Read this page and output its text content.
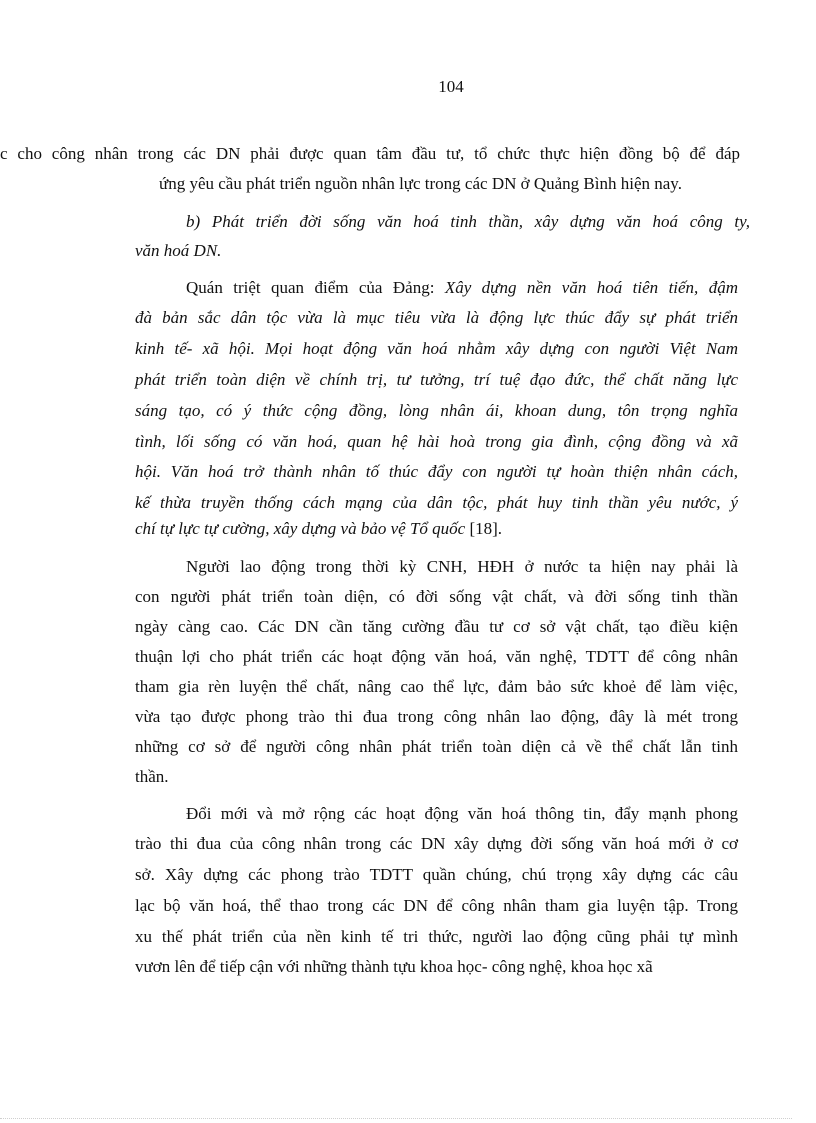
104
c cho công nhân trong các DN phải được quan tâm đầu tư, tổ chức thực hiện đồng bộ để đáp
ứng yêu cầu phát triển nguồn nhân lực trong các DN ở Quảng Bình hiện nay.
b) Phát triển đời sống văn hoá tinh thần, xây dựng văn hoá công ty,
văn hoá DN.
Quán triệt quan điểm của Đảng: Xây dựng nền văn hoá tiên tiến, đậm
đà bản sắc dân tộc vừa là mục tiêu vừa là động lực thúc đẩy sự phát triển
kinh tế- xã hội. Mọi hoạt động văn hoá nhằm xây dựng con người Việt Nam
phát triển toàn diện về chính trị, tư tưởng, trí tuệ đạo đức, thể chất năng lực
sáng tạo, có ý thức cộng đồng, lòng nhân ái, khoan dung, tôn trọng nghĩa
tình, lối sống có văn hoá, quan hệ hài hoà trong gia đình, cộng đồng và xã
hội. Văn hoá trở thành nhân tố thúc đẩy con người tự hoàn thiện nhân cách,
kế thừa truyền thống cách mạng của dân tộc, phát huy tinh thần yêu nước, ý
chí tự lực tự cường, xây dựng và bảo vệ Tổ quốc [18].
Người lao động trong thời kỳ CNH, HĐH ở nước ta hiện nay phải là
con người phát triển toàn diện, có đời sống vật chất, và đời sống tinh thần
ngày càng cao. Các DN cần tăng cường đầu tư cơ sở vật chất, tạo điều kiện
thuận lợi cho phát triển các hoạt động văn hoá, văn nghệ, TDTT để công nhân
tham gia rèn luyện thể chất, nâng cao thể lực, đảm bảo sức khoẻ để làm việc,
vừa tạo được phong trào thi đua trong công nhân lao động, đây là mét trong
những cơ sở để người công nhân phát triển toàn diện cả về thể chất lẫn tinh
thần.
Đổi mới và mở rộng các hoạt động văn hoá thông tin, đẩy mạnh phong
trào thi đua của công nhân trong các DN xây dựng đời sống văn hoá mới ở cơ
sở. Xây dựng các phong trào TDTT quần chúng, chú trọng xây dựng các câu
lạc bộ văn hoá, thể thao trong các DN để công nhân tham gia luyện tập. Trong
xu thế phát triển của nền kinh tế tri thức, người lao động cũng phải tự mình
vươn lên để tiếp cận với những thành tựu khoa học- công nghệ, khoa học xã
